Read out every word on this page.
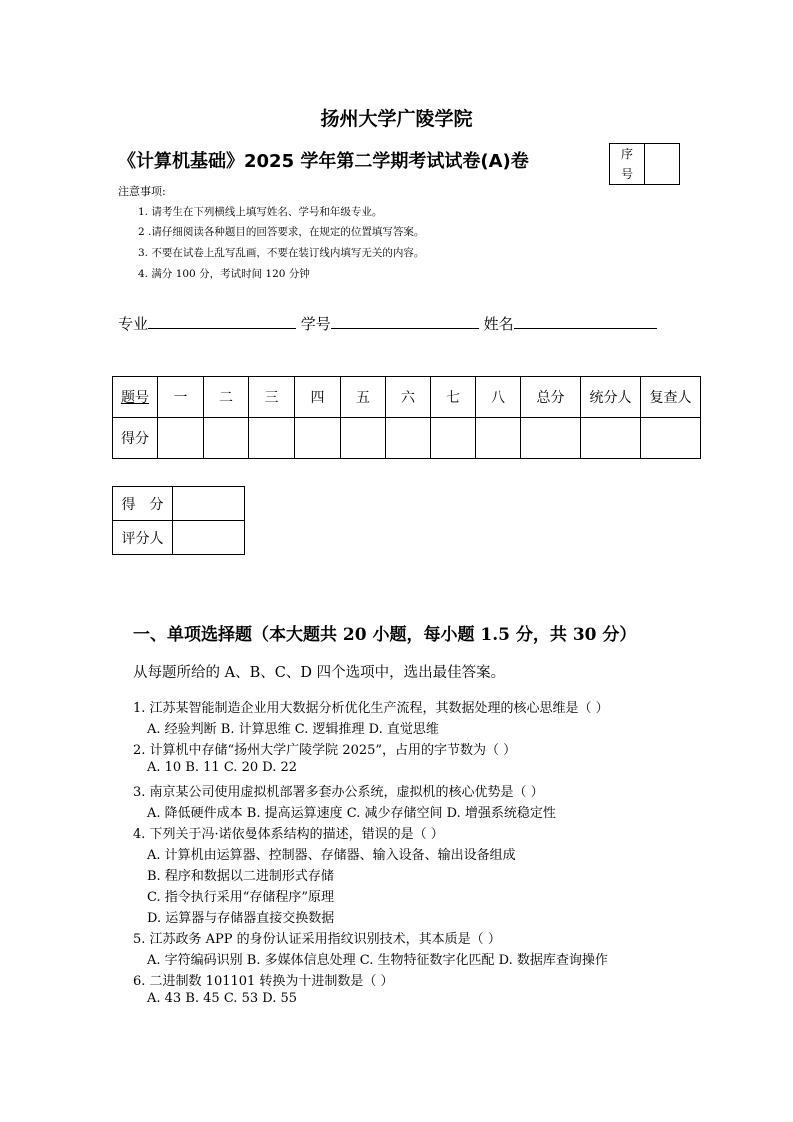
扬州大学广陵学院
《计算机基础》2025 学年第二学期考试试卷(A)卷	序
号
注意事项:
1. 请考生在下列横线上填写姓名、学号和年级专业。
2 .请仔细阅读各种题目的回答要求，在规定的位置填写答案。
3. 不要在试卷上乱写乱画，不要在装订线内填写无关的内容。
4. 满分 100 分，考试时间 120 分钟
专业	学号	姓名
题号	一	二	三	四	五	六	七	八	总分	统分人	复查人
得分											
得　分	
评分人	
一、单项选择题（本大题共 20 小题，每小题 1.5 分，共 30 分）
从每题所给的 A、B、C、D 四个选项中，选出最佳答案。
1. 江苏某智能制造企业用大数据分析优化生产流程，其数据处理的核心思维是（ ）
A. 经验判断 B. 计算思维 C. 逻辑推理 D. 直觉思维
2. 计算机中存储“扬州大学广陵学院 2025”，占用的字节数为（ ）
A. 10 B. 11 C. 20 D. 22
3. 南京某公司使用虚拟机部署多套办公系统，虚拟机的核心优势是（ ）
A. 降低硬件成本 B. 提高运算速度 C. 减少存储空间 D. 增强系统稳定性
4. 下列关于冯·诺依曼体系结构的描述，错误的是（ ）
A. 计算机由运算器、控制器、存储器、输入设备、输出设备组成
B. 程序和数据以二进制形式存储
C. 指令执行采用“存储程序”原理
D. 运算器与存储器直接交换数据
5. 江苏政务 APP 的身份认证采用指纹识别技术，其本质是（ ）
A. 字符编码识别 B. 多媒体信息处理 C. 生物特征数字化匹配 D. 数据库查询操作
6. 二进制数 101101 转换为十进制数是（ ）
A. 43 B. 45 C. 53 D. 55
